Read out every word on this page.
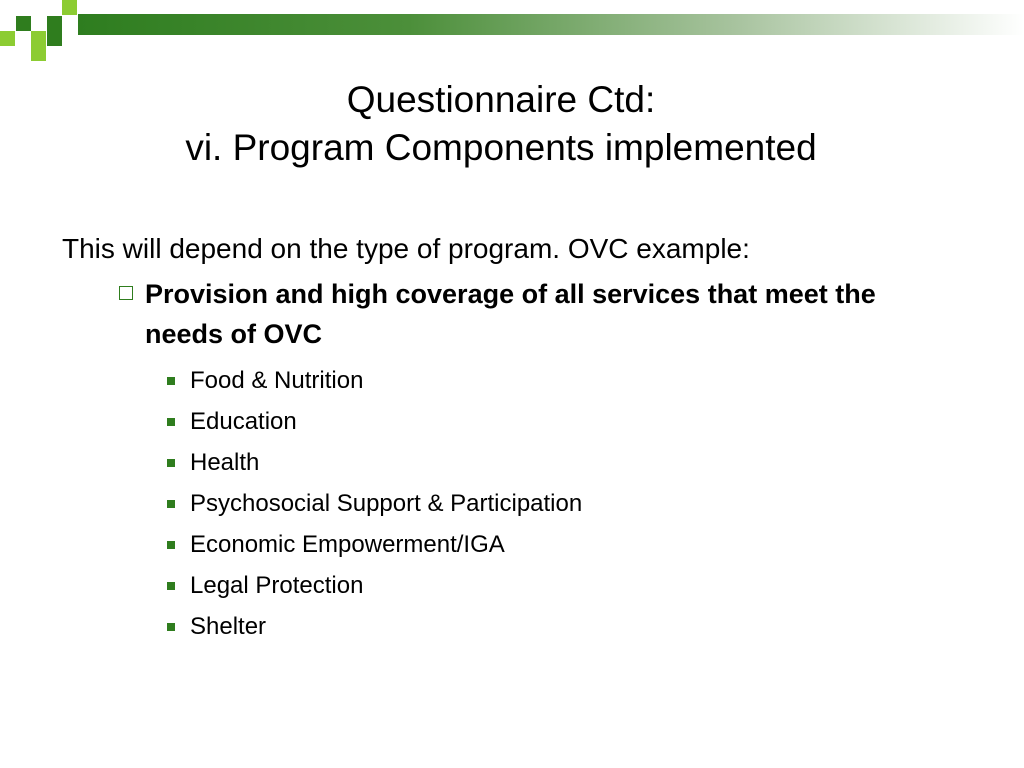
Questionnaire Ctd:
vi. Program Components implemented

This will depend on the type of program. OVC example:

Provision and high coverage of all services that meet the needs of OVC
Food & Nutrition
Education
Health
Psychosocial Support & Participation
Economic Empowerment/IGA
Legal Protection
Shelter
